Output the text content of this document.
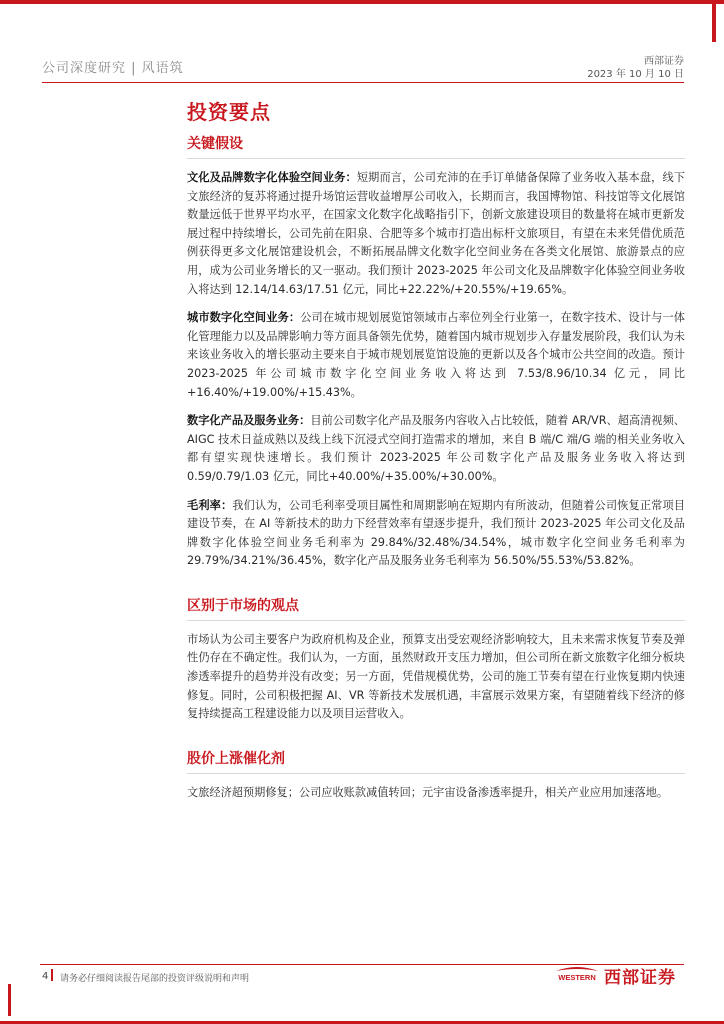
公司深度研究 | 风语筑	西部证券
2023 年 10 月 10 日
投资要点
关键假设

文化及品牌数字化体验空间业务：短期而言，公司充沛的在手订单储备保障了业务收入基本盘，线下文旅经济的复苏将通过提升场馆运营收益增厚公司收入，长期而言，我国博物馆、科技馆等文化展馆数量远低于世界平均水平，在国家文化数字化战略指引下，创新文旅建设项目的数量将在城市更新发展过程中持续增长，公司先前在阳泉、合肥等多个城市打造出标杆文旅项目，有望在未来凭借优质范例获得更多文化展馆建设机会，不断拓展品牌文化数字化空间业务在各类文化展馆、旅游景点的应用，成为公司业务增长的又一驱动。我们预计 2023-2025 年公司文化及品牌数字化体验空间业务收入将达到 12.14/14.63/17.51 亿元，同比+22.22%/+20.55%/+19.65%。

城市数字化空间业务：公司在城市规划展览馆领域市占率位列全行业第一，在数字技术、设计与一体化管理能力以及品牌影响力等方面具备领先优势，随着国内城市规划步入存量发展阶段，我们认为未来该业务收入的增长驱动主要来自于城市规划展览馆设施的更新以及各个城市公共空间的改造。预计 2023-2025 年公司城市数字化空间业务收入将达到 7.53/8.96/10.34 亿元，同比+16.40%/+19.00%/+15.43%。

数字化产品及服务业务：目前公司数字化产品及服务内容收入占比较低，随着 AR/VR、超高清视频、AIGC 技术日益成熟以及线上线下沉浸式空间打造需求的增加，来自 B 端/C 端/G 端的相关业务收入都有望实现快速增长。我们预计 2023-2025 年公司数字化产品及服务业务收入将达到 0.59/0.79/1.03 亿元，同比+40.00%/+35.00%/+30.00%。

毛利率：我们认为，公司毛利率受项目属性和周期影响在短期内有所波动，但随着公司恢复正常项目建设节奏，在 AI 等新技术的助力下经营效率有望逐步提升，我们预计 2023-2025 年公司文化及品牌数字化体验空间业务毛利率为 29.84%/32.48%/34.54%，城市数字化空间业务毛利率为 29.79%/34.21%/36.45%，数字化产品及服务业务毛利率为 56.50%/55.53%/53.82%。

区别于市场的观点

市场认为公司主要客户为政府机构及企业，预算支出受宏观经济影响较大，且未来需求恢复节奏及弹性仍存在不确定性。我们认为，一方面，虽然财政开支压力增加，但公司所在新文旅数字化细分板块渗透率提升的趋势并没有改变；另一方面，凭借规模优势，公司的施工节奏有望在行业恢复期内快速修复。同时，公司积极把握 AI、VR 等新技术发展机遇，丰富展示效果方案，有望随着线下经济的修复持续提高工程建设能力以及项目运营收入。

股价上涨催化剂

文旅经济超预期修复；公司应收账款减值转回；元宇宙设备渗透率提升，相关产业应用加速落地。

4 请务必仔细阅读报告尾部的投资评级说明和声明	WESTERN 西部证券
